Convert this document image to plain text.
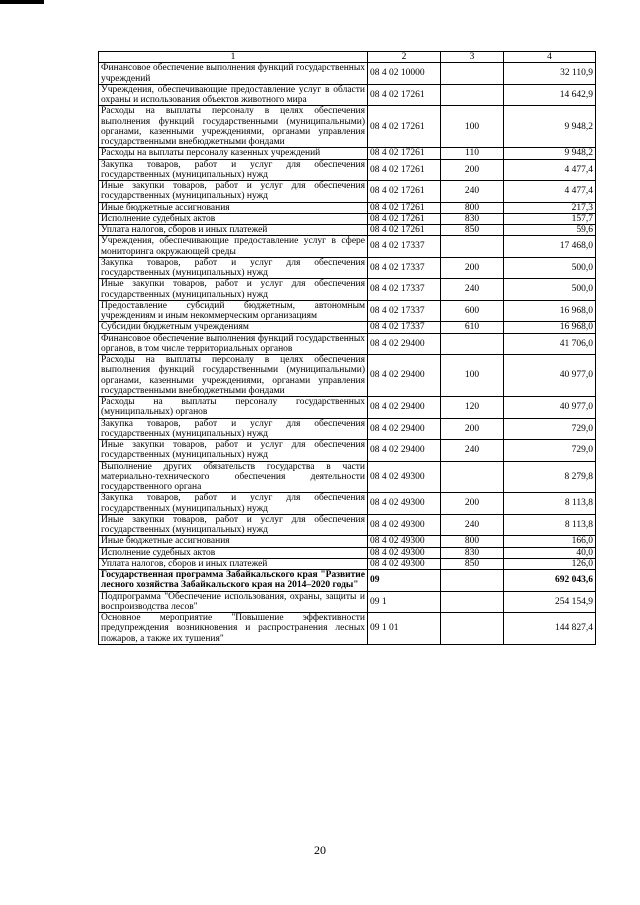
1	2	3	4
Финансовое обеспечение выполнения функций государственных учреждений	08 4 02 10000		32 110,9
Учреждения, обеспечивающие предоставление услуг в области охраны и использования объектов животного мира	08 4 02 17261		14 642,9
Расходы на выплаты персоналу в целях обеспечения выполнения функций государственными (муниципальными) органами, казенными учреждениями, органами управления государственными внебюджетными фондами	08 4 02 17261	100	9 948,2
Расходы на выплаты персоналу казенных учреждений	08 4 02 17261	110	9 948,2
Закупка товаров, работ и услуг для обеспечения государственных (муниципальных) нужд	08 4 02 17261	200	4 477,4
Иные закупки товаров, работ и услуг для обеспечения государственных (муниципальных) нужд	08 4 02 17261	240	4 477,4
Иные бюджетные ассигнования	08 4 02 17261	800	217,3
Исполнение судебных актов	08 4 02 17261	830	157,7
Уплата налогов, сборов и иных платежей	08 4 02 17261	850	59,6
Учреждения, обеспечивающие предоставление услуг в сфере мониторинга окружающей среды	08 4 02 17337		17 468,0
Закупка товаров, работ и услуг для обеспечения государственных (муниципальных) нужд	08 4 02 17337	200	500,0
Иные закупки товаров, работ и услуг для обеспечения государственных (муниципальных) нужд	08 4 02 17337	240	500,0
Предоставление субсидий бюджетным, автономным учреждениям и иным некоммерческим организациям	08 4 02 17337	600	16 968,0
Субсидии бюджетным учреждениям	08 4 02 17337	610	16 968,0
Финансовое обеспечение выполнения функций государственных органов, в том числе территориальных органов	08 4 02 29400		41 706,0
Расходы на выплаты персоналу в целях обеспечения выполнения функций государственными (муниципальными) органами, казенными учреждениями, органами управления государственными внебюджетными фондами	08 4 02 29400	100	40 977,0
Расходы на выплаты персоналу государственных (муниципальных) органов	08 4 02 29400	120	40 977,0
Закупка товаров, работ и услуг для обеспечения государственных (муниципальных) нужд	08 4 02 29400	200	729,0
Иные закупки товаров, работ и услуг для обеспечения государственных (муниципальных) нужд	08 4 02 29400	240	729,0
Выполнение других обязательств государства в части материально-технического обеспечения деятельности государственного органа	08 4 02 49300		8 279,8
Закупка товаров, работ и услуг для обеспечения государственных (муниципальных) нужд	08 4 02 49300	200	8 113,8
Иные закупки товаров, работ и услуг для обеспечения государственных (муниципальных) нужд	08 4 02 49300	240	8 113,8
Иные бюджетные ассигнования	08 4 02 49300	800	166,0
Исполнение судебных актов	08 4 02 49300	830	40,0
Уплата налогов, сборов и иных платежей	08 4 02 49300	850	126,0
Государственная программа Забайкальского края "Развитие лесного хозяйства Забайкальского края на 2014–2020 годы"	09		692 043,6
Подпрограмма "Обеспечение использования, охраны, защиты и воспроизводства лесов"	09 1		254 154,9
Основное мероприятие "Повышение эффективности предупреждения возникновения и распространения лесных пожаров, а также их тушения"	09 1 01		144 827,4
20
